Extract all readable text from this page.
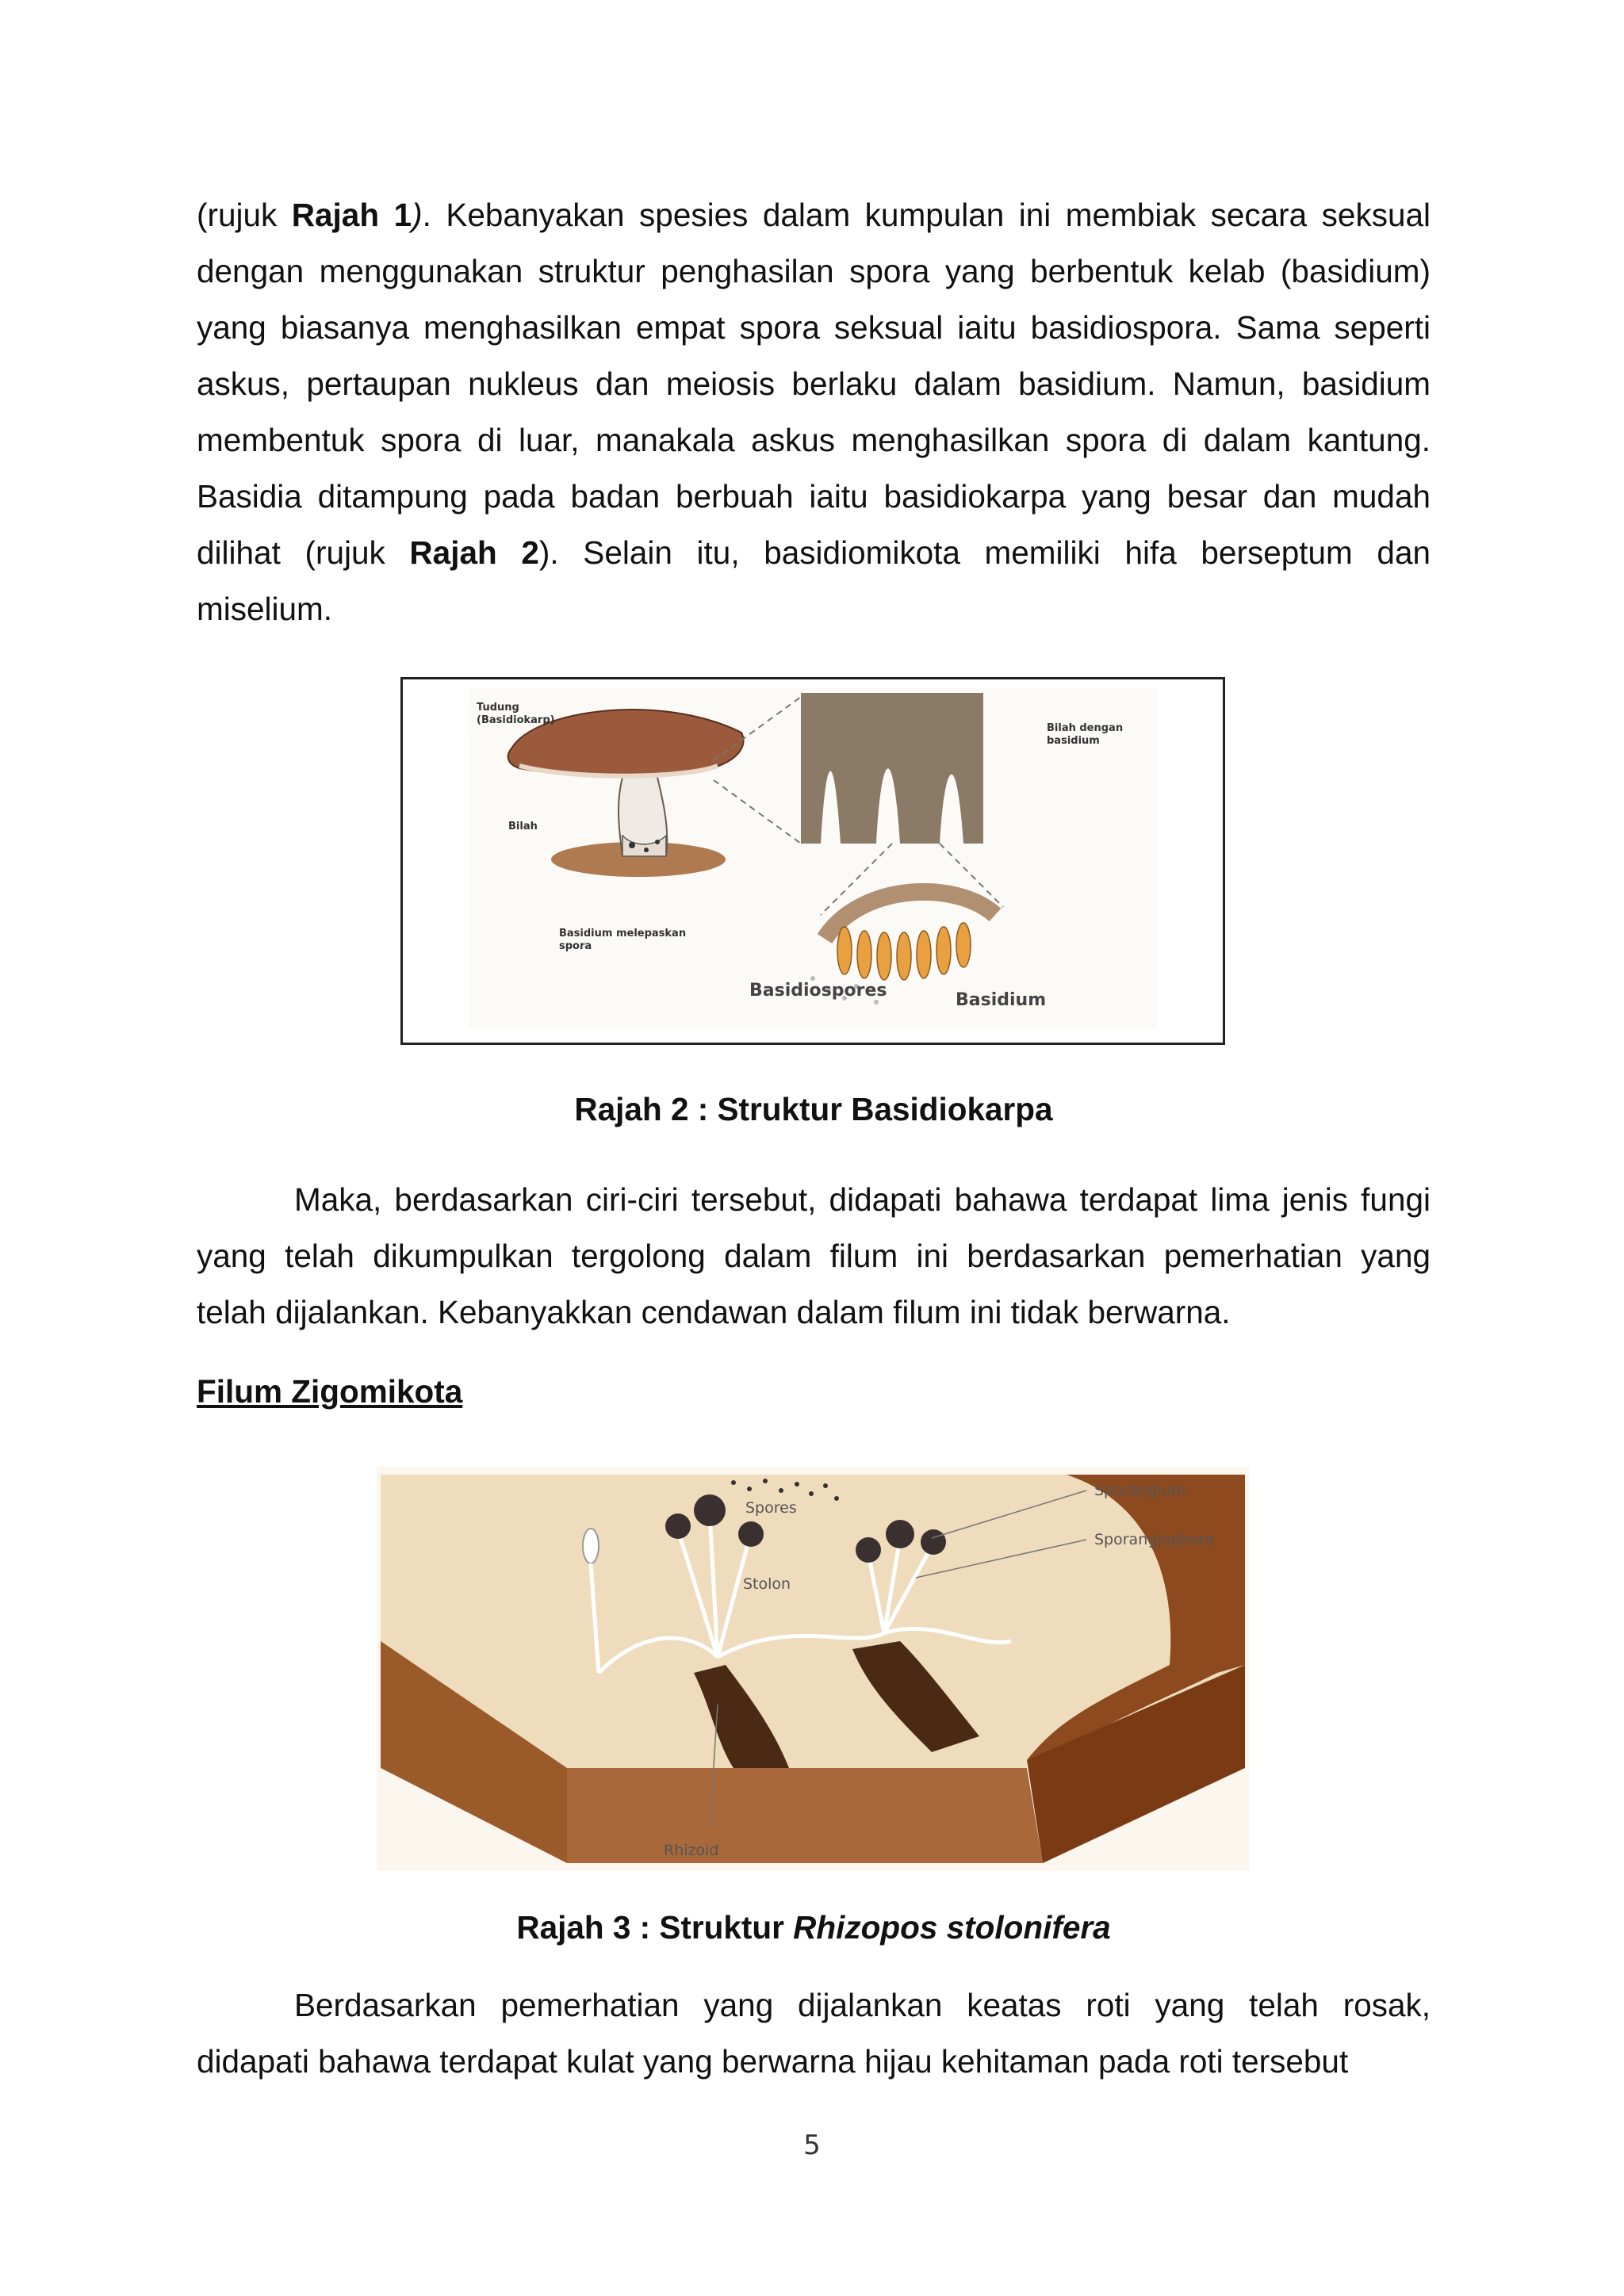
(rujuk Rajah 1). Kebanyakan spesies dalam kumpulan ini membiak secara seksual
dengan menggunakan struktur penghasilan spora yang berbentuk kelab (basidium)
yang biasanya menghasilkan empat spora seksual iaitu basidiospora. Sama seperti
askus, pertaupan nukleus dan meiosis berlaku dalam basidium. Namun, basidium
membentuk spora di luar, manakala askus menghasilkan spora di dalam kantung.
Basidia ditampung pada badan berbuah iaitu basidiokarpa yang besar dan mudah
dilihat (rujuk Rajah 2). Selain itu, basidiomikota memiliki hifa berseptum dan
miselium.
Tudung
(Basidiokarp)
Bilah
Bilah dengan
basidium
Basidium melepaskan
spora
Basidiospores	Basidium
Rajah 2 : Struktur Basidiokarpa
Maka, berdasarkan ciri-ciri tersebut, didapati bahawa terdapat lima jenis fungi
yang telah dikumpulkan tergolong dalam filum ini berdasarkan pemerhatian yang
telah dijalankan. Kebanyakkan cendawan dalam filum ini tidak berwarna.
Filum Zigomikota
Sporangium
Sporangiophore
Spores
Stolon
Rhizoid
Rajah 3 : Struktur Rhizopos stolonifera
Berdasarkan pemerhatian yang dijalankan keatas roti yang telah rosak,
didapati bahawa terdapat kulat yang berwarna hijau kehitaman pada roti tersebut
5
